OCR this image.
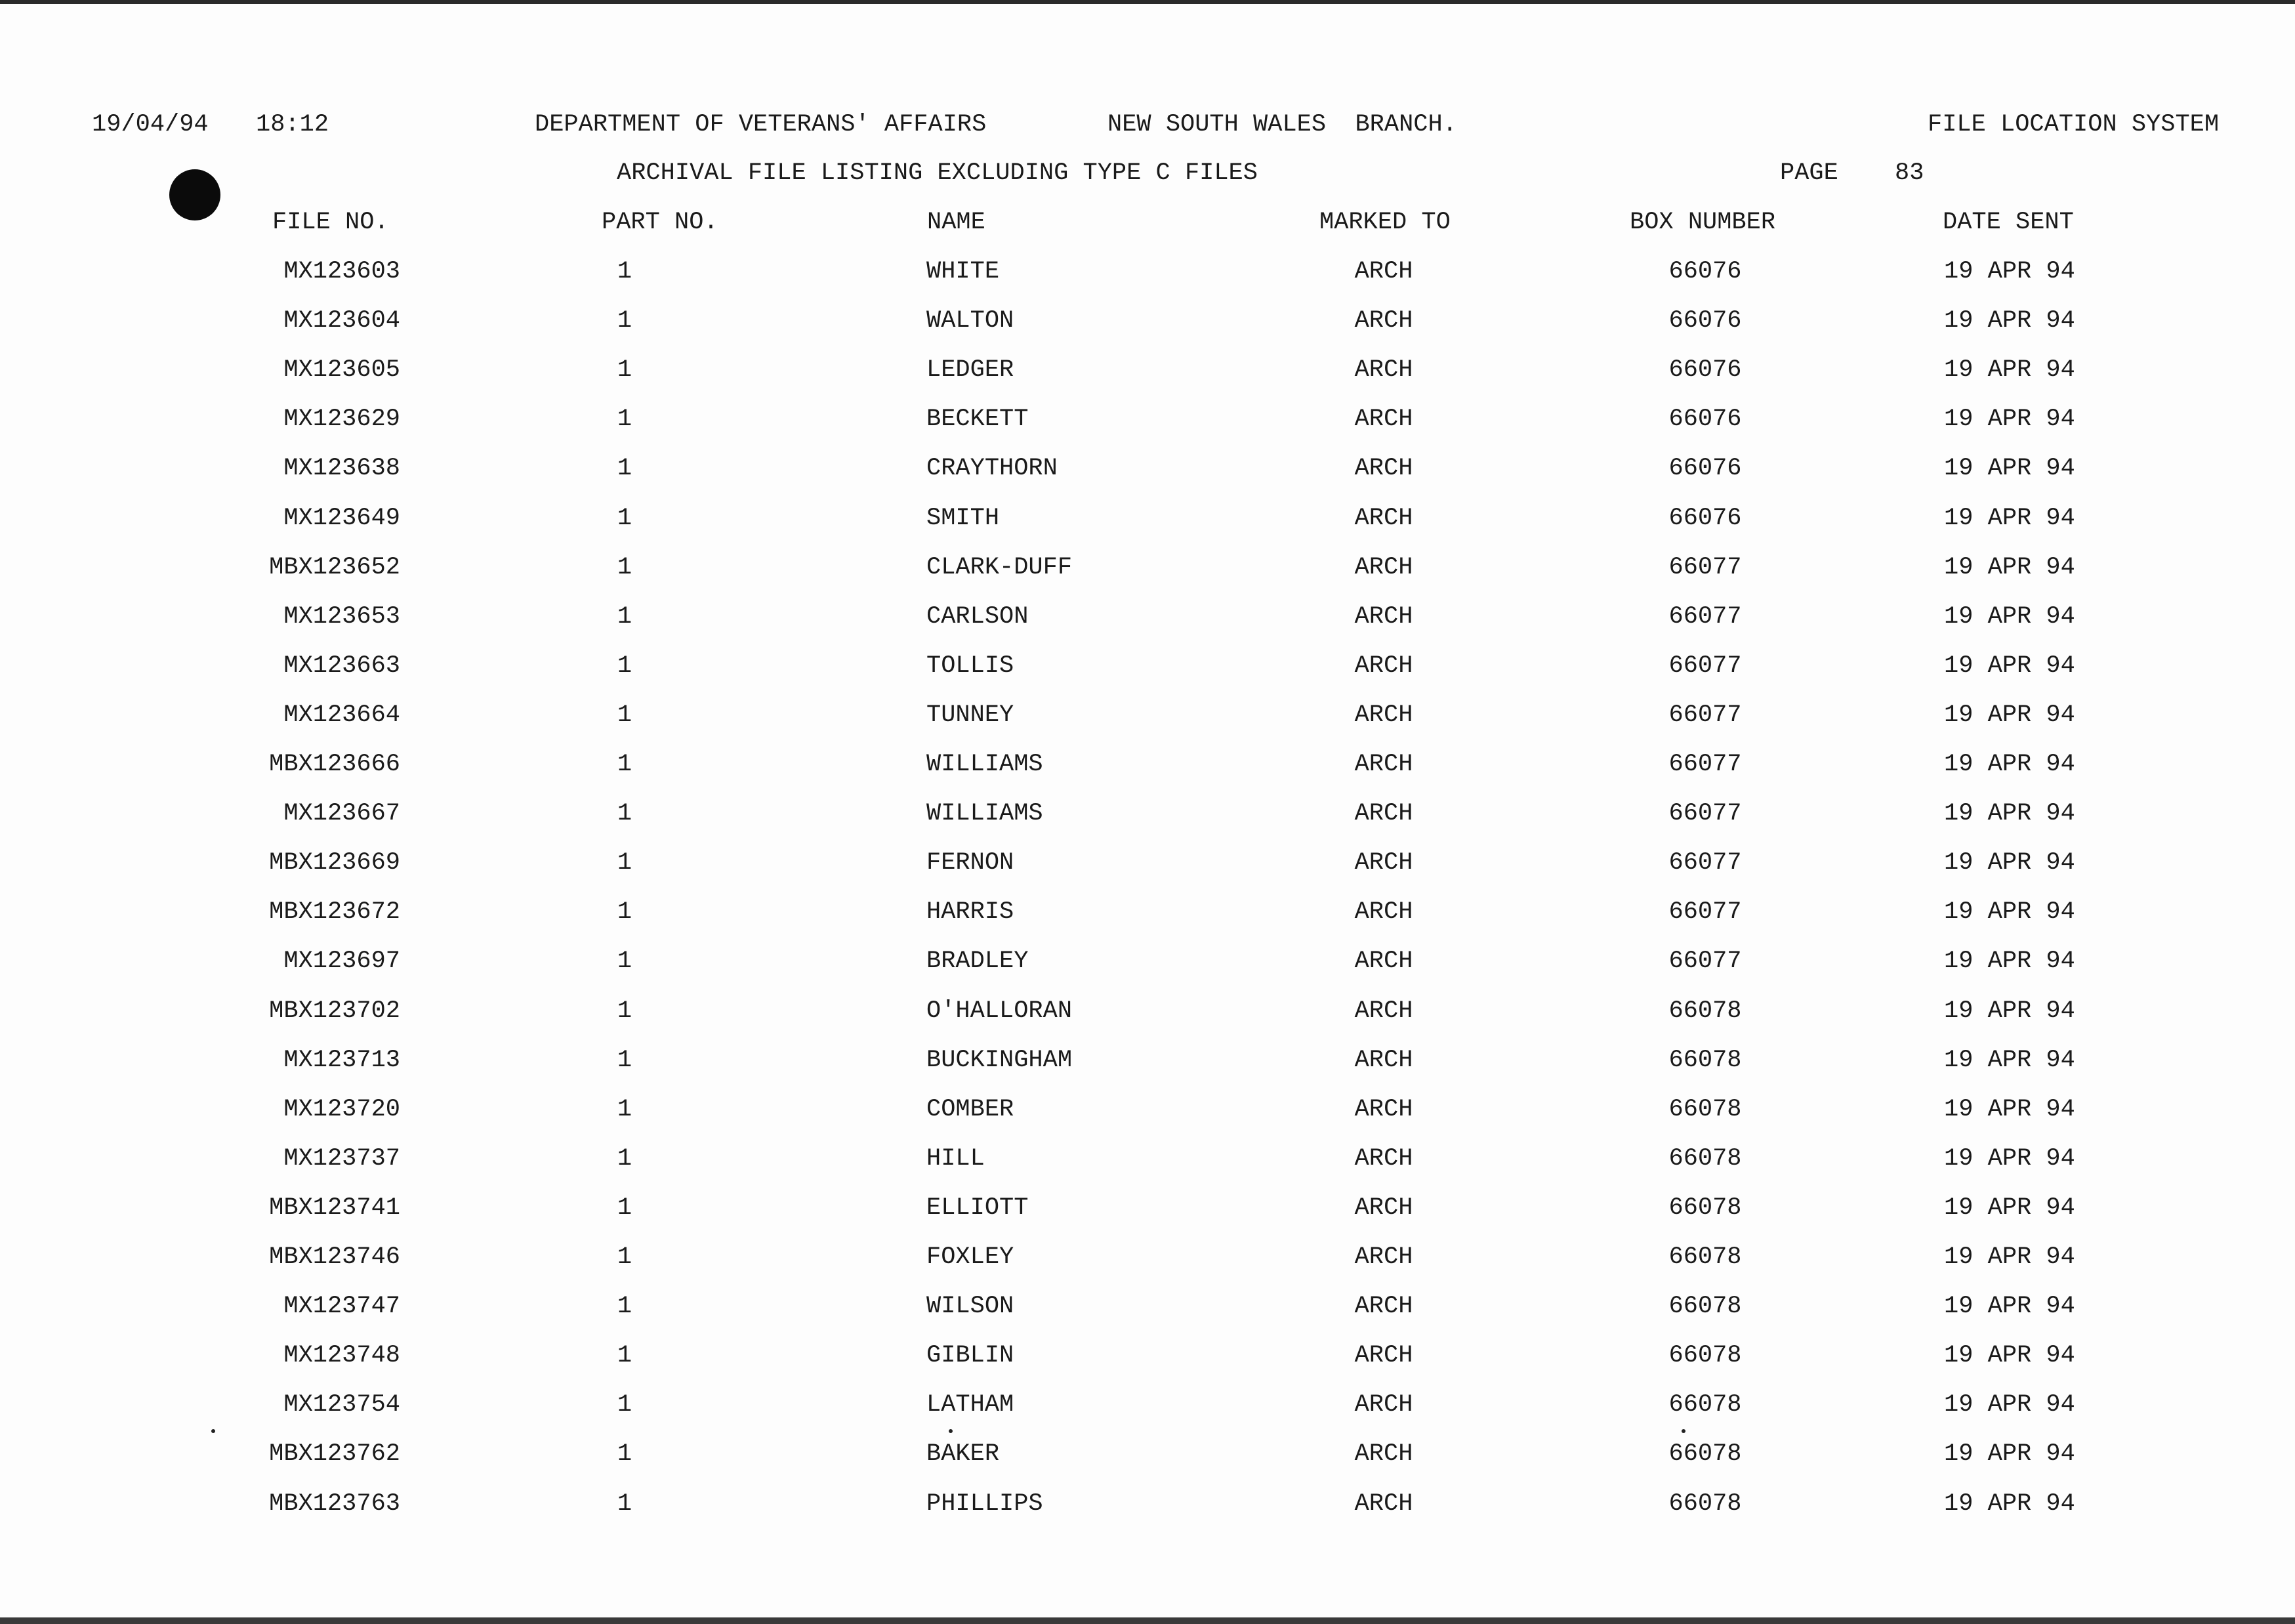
19/04/94 18:12	DEPARTMENT OF VETERANS' AFFAIRS	NEW SOUTH WALES  BRANCH.	FILE LOCATION SYSTEM
ARCHIVAL FILE LISTING EXCLUDING TYPE C FILES	PAGE 83
FILE NO.	PART NO.	NAME	MARKED TO	BOX NUMBER	DATE SENT
MX123603	1	WHITE	ARCH	66076	19 APR 94
MX123604	1	WALTON	ARCH	66076	19 APR 94
MX123605	1	LEDGER	ARCH	66076	19 APR 94
MX123629	1	BECKETT	ARCH	66076	19 APR 94
MX123638	1	CRAYTHORN	ARCH	66076	19 APR 94
MX123649	1	SMITH	ARCH	66076	19 APR 94
MBX123652	1	CLARK-DUFF	ARCH	66077	19 APR 94
MX123653	1	CARLSON	ARCH	66077	19 APR 94
MX123663	1	TOLLIS	ARCH	66077	19 APR 94
MX123664	1	TUNNEY	ARCH	66077	19 APR 94
MBX123666	1	WILLIAMS	ARCH	66077	19 APR 94
MX123667	1	WILLIAMS	ARCH	66077	19 APR 94
MBX123669	1	FERNON	ARCH	66077	19 APR 94
MBX123672	1	HARRIS	ARCH	66077	19 APR 94
MX123697	1	BRADLEY	ARCH	66077	19 APR 94
MBX123702	1	O'HALLORAN	ARCH	66078	19 APR 94
MX123713	1	BUCKINGHAM	ARCH	66078	19 APR 94
MX123720	1	COMBER	ARCH	66078	19 APR 94
MX123737	1	HILL	ARCH	66078	19 APR 94
MBX123741	1	ELLIOTT	ARCH	66078	19 APR 94
MBX123746	1	FOXLEY	ARCH	66078	19 APR 94
MX123747	1	WILSON	ARCH	66078	19 APR 94
MX123748	1	GIBLIN	ARCH	66078	19 APR 94
MX123754	1	LATHAM	ARCH	66078	19 APR 94
MBX123762	1	BAKER	ARCH	66078	19 APR 94
MBX123763	1	PHILLIPS	ARCH	66078	19 APR 94
